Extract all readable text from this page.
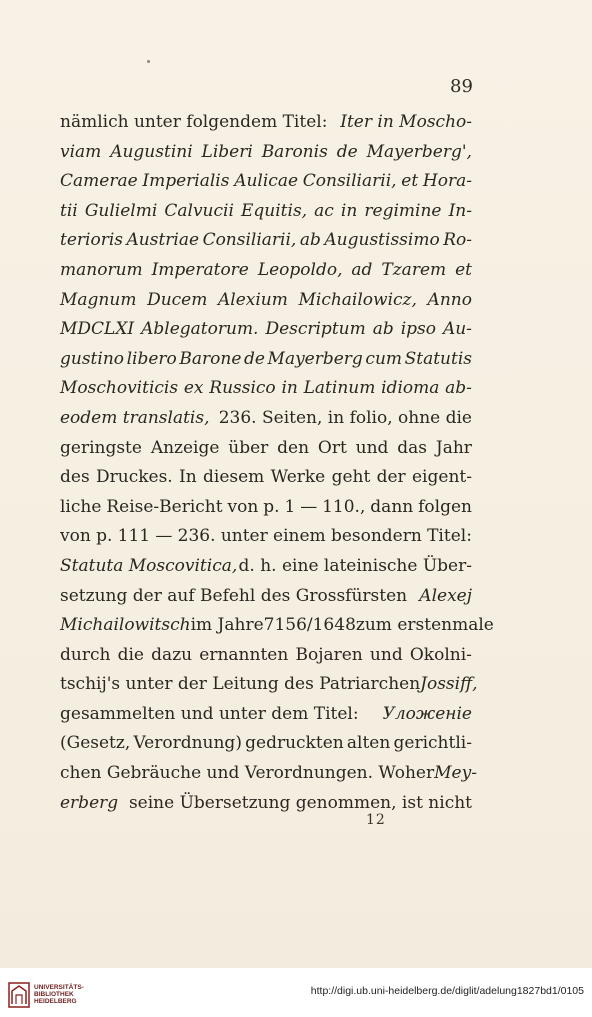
89
nämlich unter folgendem Titel: Iter in Moscho-
viam Augustini Liberi Baronis de Mayerberg',
Camerae Imperialis Aulicae Consiliarii, et Hora-
tii Gulielmi Calvucii Equitis, ac in regimine In-
terioris Austriae Consiliarii, ab Augustissimo Ro-
manorum Imperatore Leopoldo, ad Tzarem et
Magnum Ducem Alexium Michailowicz, Anno
MDCLXI Ablegatorum. Descriptum ab ipso Au-
gustino libero Barone de Mayerberg cum Statutis
Moschoviticis ex Russico in Latinum idioma ab-
eodem translatis, 236. Seiten, in folio, ohne die
geringste Anzeige über den Ort und das Jahr
des Druckes. In diesem Werke geht der eigent-
liche Reise-Bericht von p. 1 — 110., dann folgen
von p. 111 — 236. unter einem besondern Titel:
Statuta Moscovitica, d. h. eine lateinische Über-
setzung der auf Befehl des Grossfürsten Alexej
Michailowitsch im Jahre 7156/1648 zum erstenmale
durch die dazu ernannten Bojaren und Okolni-
tschij's unter der Leitung des Patriarchen Jossiff,
gesammelten und unter dem Titel: Уложеніе
(Gesetz, Verordnung) gedruckten alten gerichtli-
chen Gebräuche und Verordnungen. Woher Mey-
erberg seine Übersetzung genommen, ist nicht
12
UNIVERSITÄTS-
BIBLIOTHEK
HEIDELBERG
http://digi.ub.uni-heidelberg.de/diglit/adelung1827bd1/0105
